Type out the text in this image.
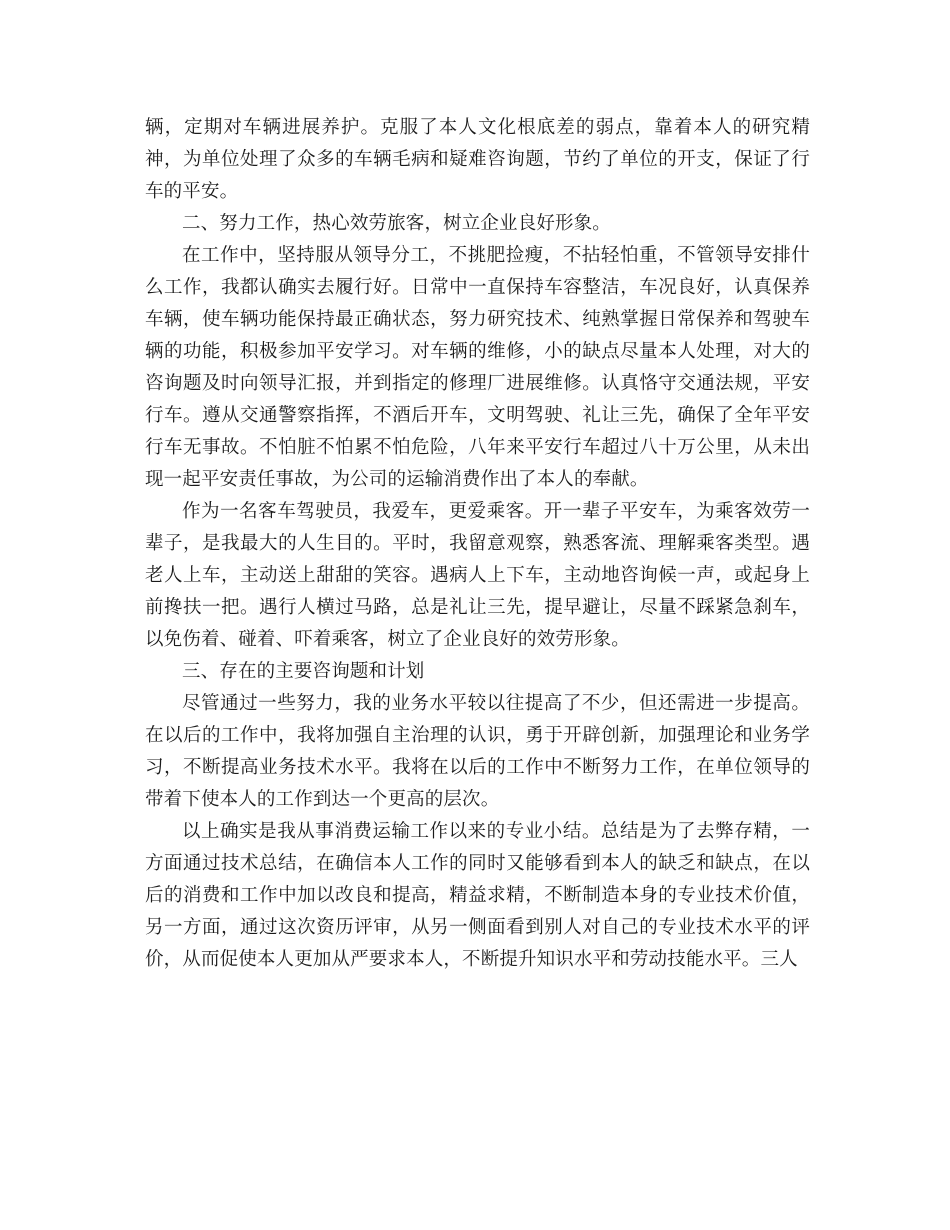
辆，定期对车辆进展养护。克服了本人文化根底差的弱点，靠着本人的研究精神，为单位处理了众多的车辆毛病和疑难咨询题，节约了单位的开支，保证了行车的平安。

二、努力工作，热心效劳旅客，树立企业良好形象。

在工作中，坚持服从领导分工，不挑肥捡瘦，不拈轻怕重，不管领导安排什么工作，我都认确实去履行好。日常中一直保持车容整洁，车况良好，认真保养车辆，使车辆功能保持最正确状态，努力研究技术、纯熟掌握日常保养和驾驶车辆的功能，积极参加平安学习。对车辆的维修，小的缺点尽量本人处理，对大的咨询题及时向领导汇报，并到指定的修理厂进展维修。认真恪守交通法规，平安行车。遵从交通警察指挥，不酒后开车，文明驾驶、礼让三先，确保了全年平安行车无事故。不怕脏不怕累不怕危险，八年来平安行车超过八十万公里，从未出现一起平安责任事故，为公司的运输消费作出了本人的奉献。

作为一名客车驾驶员，我爱车，更爱乘客。开一辈子平安车，为乘客效劳一辈子，是我最大的人生目的。平时，我留意观察，熟悉客流、理解乘客类型。遇老人上车，主动送上甜甜的笑容。遇病人上下车，主动地咨询候一声，或起身上前搀扶一把。遇行人横过马路，总是礼让三先，提早避让，尽量不踩紧急刹车，以免伤着、碰着、吓着乘客，树立了企业良好的效劳形象。

三、存在的主要咨询题和计划

尽管通过一些努力，我的业务水平较以往提高了不少，但还需进一步提高。在以后的工作中，我将加强自主治理的认识，勇于开辟创新，加强理论和业务学习，不断提高业务技术水平。我将在以后的工作中不断努力工作，在单位领导的带着下使本人的工作到达一个更高的层次。

以上确实是我从事消费运输工作以来的专业小结。总结是为了去弊存精，一方面通过技术总结，在确信本人工作的同时又能够看到本人的缺乏和缺点，在以后的消费和工作中加以改良和提高，精益求精，不断制造本身的专业技术价值，另一方面，通过这次资历评审，从另一侧面看到别人对自己的专业技术水平的评价，从而促使本人更加从严要求本人，不断提升知识水平和劳动技能水平。三人
